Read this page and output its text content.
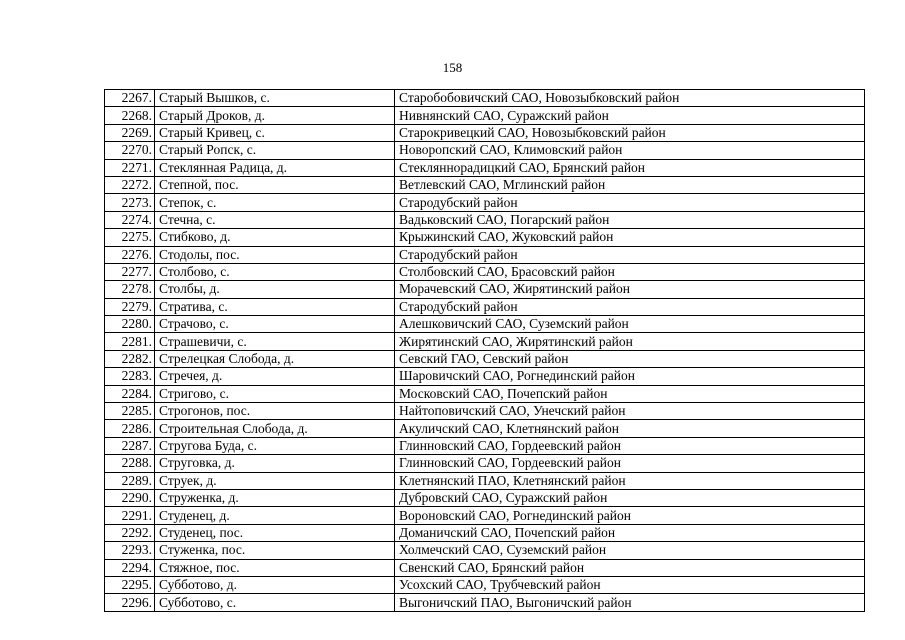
158
2267.	Старый Вышков, с.	Старобобовичский САО, Новозыбковский район
2268.	Старый Дроков, д.	Нивнянский САО, Суражский район
2269.	Старый Кривец, с.	Старокривецкий САО, Новозыбковский район
2270.	Старый Ропск, с.	Новоропский САО, Климовский район
2271.	Стеклянная Радица, д.	Стекляннорадицкий САО, Брянский район
2272.	Степной, пос.	Ветлевский САО, Мглинский район
2273.	Степок, с.	Стародубский район
2274.	Стечна, с.	Вадьковский САО, Погарский район
2275.	Стибково, д.	Крыжинский САО, Жуковский район
2276.	Стодолы, пос.	Стародубский район
2277.	Столбово, с.	Столбовский САО, Брасовский район
2278.	Столбы, д.	Морачевский САО, Жирятинский район
2279.	Стратива, с.	Стародубский район
2280.	Страчово, с.	Алешковичский САО, Суземский район
2281.	Страшевичи, с.	Жирятинский САО, Жирятинский район
2282.	Стрелецкая Слобода, д.	Севский ГАО, Севский район
2283.	Стречея, д.	Шаровичский САО, Рогнединский район
2284.	Стригово, с.	Московский САО, Почепский район
2285.	Строгонов, пос.	Найтоповичский САО, Унечский район
2286.	Строительная Слобода, д.	Акуличский САО, Клетнянский район
2287.	Стругова Буда, с.	Глинновский САО, Гордеевский район
2288.	Струговка, д.	Глинновский САО, Гордеевский район
2289.	Струек, д.	Клетнянский ПАО, Клетнянский район
2290.	Струженка, д.	Дубровский САО, Суражский район
2291.	Студенец, д.	Вороновский САО, Рогнединский район
2292.	Студенец, пос.	Доманичский САО, Почепский район
2293.	Стуженка, пос.	Холмечский САО, Суземский район
2294.	Стяжное, пос.	Свенский САО, Брянский район
2295.	Субботово, д.	Усохский САО, Трубчевский район
2296.	Субботово, с.	Выгоничский ПАО, Выгоничский район
